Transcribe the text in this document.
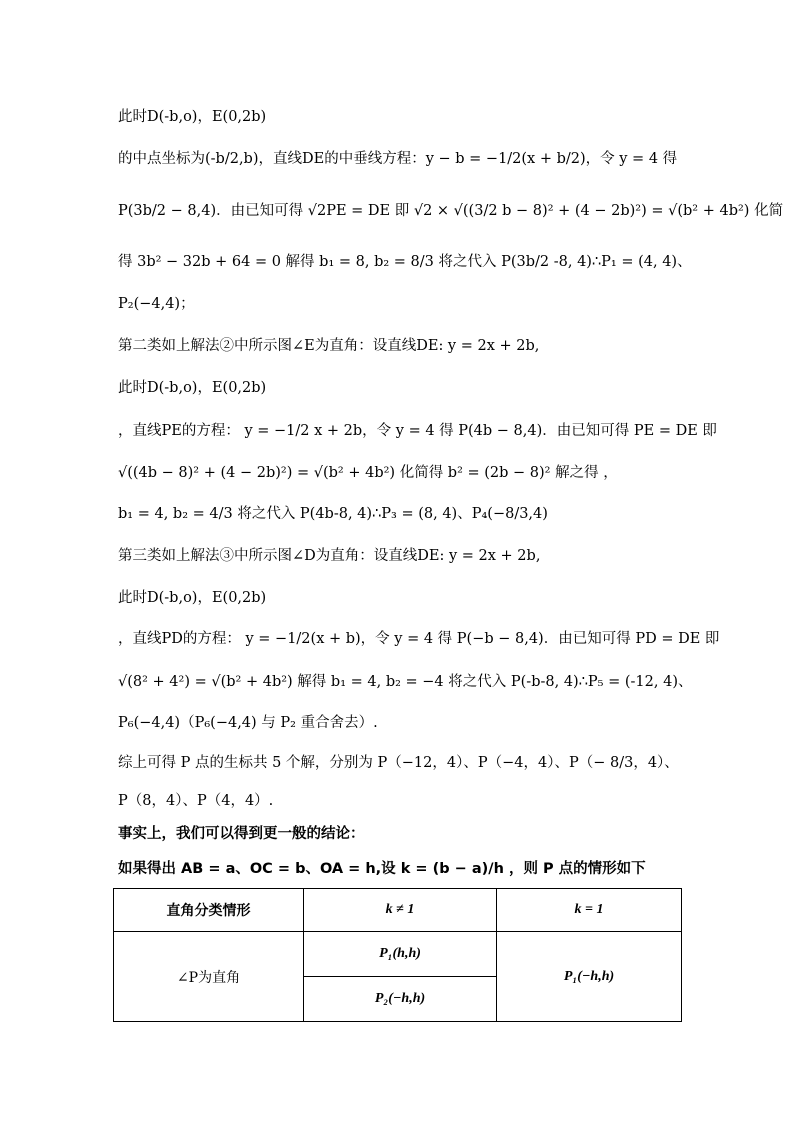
此时D(-b,o)，E(0,2b)
的中点坐标为(-b/2,b)，直线DE的中垂线方程：y − b = −1/2(x + b/2)，令 y = 4 得
P(3b/2 − 8,4)．由已知可得 √2PE = DE 即 √2 × √((3/2 b − 8)² + (4 − 2b)²) = √(b² + 4b²) 化简
得 3b² − 32b + 64 = 0 解得 b₁ = 8, b₂ = 8/3 将之代入 P(3b/2 -8, 4)∴P₁ = (4, 4)、
P₂(−4,4)；
第二类如上解法②中所示图∠E为直角：设直线DE: y = 2x + 2b,
此时D(-b,o)，E(0,2b)
，直线PE的方程： y = −1/2 x + 2b，令 y = 4 得 P(4b − 8,4)．由已知可得 PE = DE 即
√((4b − 8)² + (4 − 2b)²) = √(b² + 4b²) 化简得 b² = (2b − 8)² 解之得 ，
b₁ = 4, b₂ = 4/3 将之代入 P(4b-8, 4)∴P₃ = (8, 4)、P₄(−8/3,4)
第三类如上解法③中所示图∠D为直角：设直线DE: y = 2x + 2b,
此时D(-b,o)，E(0,2b)
，直线PD的方程： y = −1/2(x + b)，令 y = 4 得 P(−b − 8,4)．由已知可得 PD = DE 即
√(8² + 4²) = √(b² + 4b²) 解得 b₁ = 4, b₂ = −4 将之代入 P(-b-8, 4)∴P₅ = (-12, 4)、
P₆(−4,4)（P₆(−4,4) 与 P₂ 重合舍去）.
综上可得 P 点的生标共 5 个解，分别为 P（−12，4）、P（−4，4）、P（− 8/3，4）、
P（8，4）、P（4，4）.
事实上，我们可以得到更一般的结论：
如果得出 AB = a、OC = b、OA = h,设 k = (b − a)/h ，则 P 点的情形如下
直角分类情形	k ≠ 1	k = 1
∠P为直角	P₁(h,h)	P₁(−h,h)
	P₂(−h,h)	
